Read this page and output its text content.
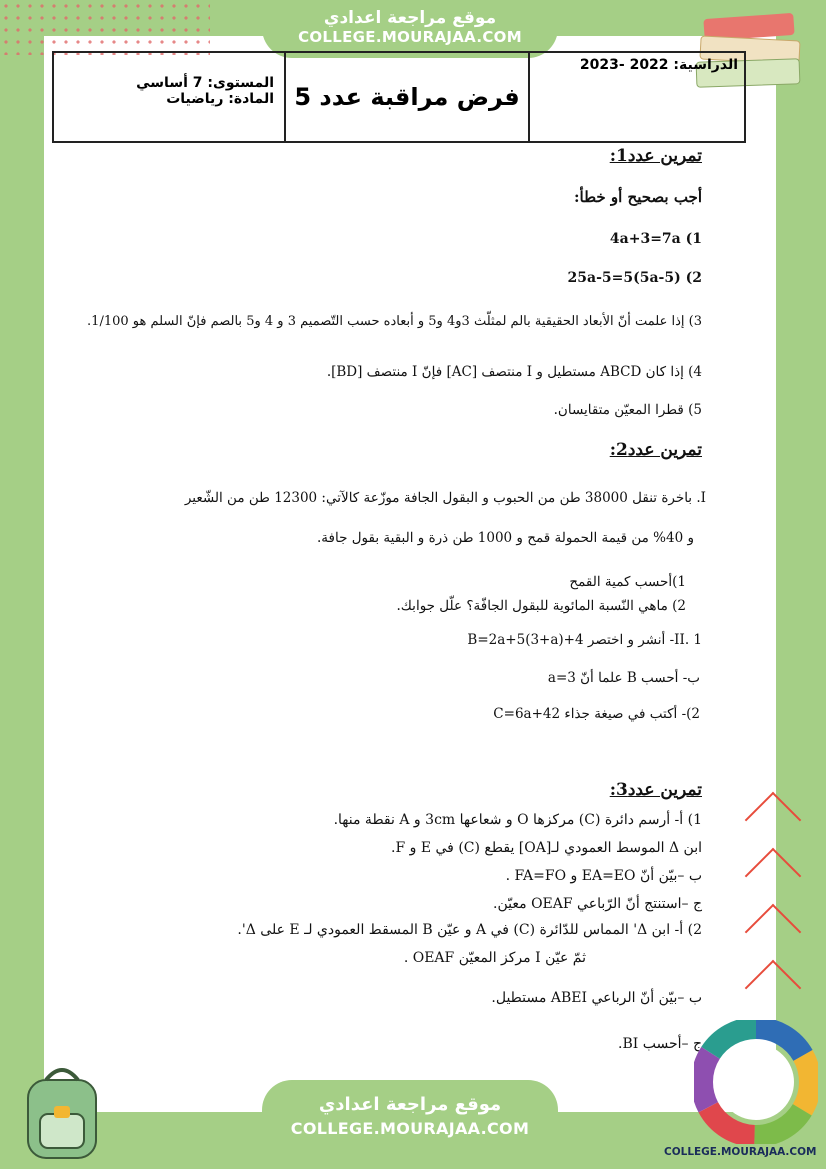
موقع مراجعة اعدادي
COLLEGE.MOURAJAA.COM
المستوى: 7 أساسي
المادة: رياضيات فرض مراقبة عدد 5
الدراسية: 2022 -2023
تمرين عدد1:
أجب بصحيح أو خطأ:
1) 4a+3=7a
2) 25a-5=5(5a-5)
3) إذا علمت أنّ الأبعاد الحقيقية بالم لمثلّث 3و4 و5 و أبعاده حسب التّصميم 3 و 4 و5 بالصم فإنّ السلم هو 1/100.
4) إذا كان ABCD مستطيل و I منتصف [AC] فإنّ I منتصف [BD].
5) قطرا المعيّن متقايسان.
تمرين عدد2:
I. باخرة تنقل 38000 طن من الحبوب و البقول الجافة موزّعة كالآتي: 12300 طن من الشّعير
و 40% من قيمة الحمولة قمح و 1000 طن ذرة و البقية بقول جافة.
1)أحسب كمية القمح
2) ماهي النّسبة المائوية للبقول الجافّة؟ علّل جوابك.
II. 1- أنشر و اختصر B=2a+5(3+a)+4
ب- أحسب B علما أنّ a=3
2)- أكتب في صيغة جذاء C=6a+42
تمرين عدد3:
1) أ- أرسم دائرة (C) مركزها O و شعاعها 3cm و A نقطة منها.
ابن Δ الموسط العمودي لـ[OA] يقطع (C) في E و F.
ب –بيّن أنّ EA=EO و FA=FO .
ج –استنتج أنّ الرّباعي OEAF معيّن.
2) أ- ابن Δ' المماس للدّائرة (C) في A و عيّن B المسقط العمودي لـ E على Δ'.
ثمّ عيّن I مركز المعيّن OEAF .
ب –بيّن أنّ الرباعي ABEI مستطيل.
ج –أحسب BI.
COLLEGE.MOURAJAA.COM
موقع مراجعة اعدادي
COLLEGE.MOURAJAA.COM
